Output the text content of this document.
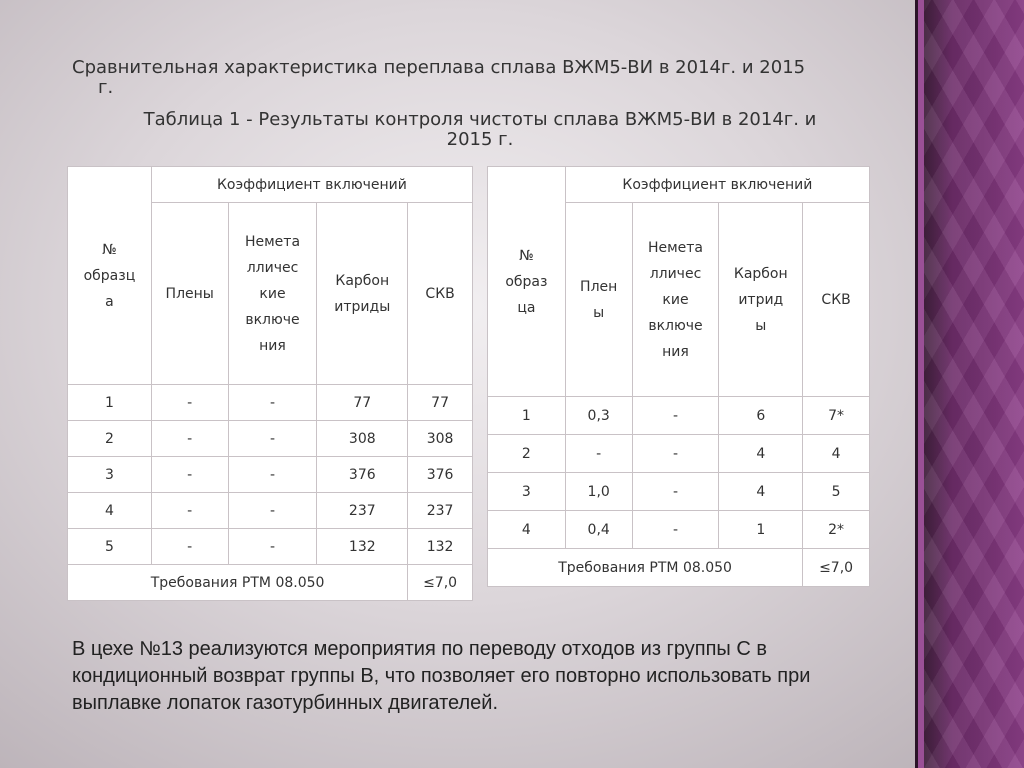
Сравнительная характеристика переплава сплава ВЖМ5-ВИ в 2014г. и 2015
г.
Таблица 1 - Результаты контроля чистоты сплава ВЖМ5-ВИ в 2014г. и
2015 г.
№
образц
а	Коэффициент включений			
	Плены	Немета
лличес
кие
включе
ния	Карбон
итриды	СКВ
1	-	-	77	77
2	-	-	308	308
3	-	-	376	376
4	-	-	237	237
5	-	-	132	132
Требования РТМ 08.050				≤7,0
№
образ
ца	Коэффициент включений			
	Плен
ы	Немета
лличес
кие
включе
ния	Карбон
итрид
ы	СКВ
1	0,3	-	6	7*
2	-	-	4	4
3	1,0	-	4	5
4	0,4	-	1	2*
Требования РТМ 08.050				≤7,0
В цехе №13 реализуются мероприятия по переводу отходов из группы С в кондиционный возврат группы В, что позволяет его повторно использовать при выплавке лопаток газотурбинных двигателей.
